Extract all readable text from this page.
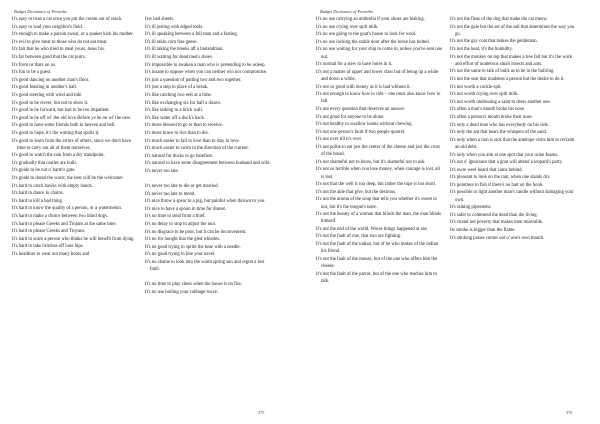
Budget Dictionary of Proverbs

It's easy to trust a cat once you put the cream out of reach.

It's easy to wad your neighbor's field.

It's enough to make a parson swear, or a quaker kick his mother.

It's evil to give meat to those who do not eat meat.

It's fair that he who tried to steal yours, loses his.

It's far between good that the cat purrs.

It's from us thats on us.

It's fun to be a guest.

It's good dancing on another man's floor.

It's good feasting in another's hall.

It's good steering with wind and tide.

It's good to be clever, but not to show it.

It's good to be forward, but bad to be too impatient.

It's good to be off wi' the old love Before ye be on wi' the new.

It's good to have some friends both in heaven and hell.

It's good to hope, it's the waiting that spoils it.

It's good to learn from the errors of others, since we don't have time to carry out all of them ourselves.

It's good to watch the rain from a dry standpoint.

It's gradually that castles are built.

It's guide to be out o' harm's gate.

It's guide to dread the worst, the best will be the welcomer.

It's hard to catch hawks with empty hands.

It's hard to dance in chains.

It's hard to kill a bad thing.

It's hard to know the quality of a person, or a watermelon.

It's hard to make a choice between two blind dogs.

It's hard to please Greeks and Trojans at the same time.

It's hard to please Greeks and Troyans.

It's hard to scare a person who thinks he will benefit from dying.

It's hard to take britches off bare hips.

It's healthier to wear out many boots and

few bed sheets.

It's ill jesting with edged tools.

It's ill speaking between a full man and a fasting.

It's ill takin corn frae geese.

It's ill taking the breeks aff a hielandman.

It's ill waiting for dead men's shoes.

It's impossible to awaken a man who is pretending to be asleep.

It's insane to oppose when you can neither win nor compromise.

It's just a question of putting two and two together.

It's just a step in place of a break.

It's like catching two eels at a time.

It's like exchanging six for half a dozen.

It's like talking to a brick wall.

It's like water off a duck's back.

It's more blessed to go to than to receive.

It's more brave to live than to die.

It's much easier to fall in love than to stay in love.

It's much easier to swim in the direction of the current.

It's natural for ducks to go barefoot.

It's natural to have some disagreement between husband and wife.

It's never too late.

It's never too late to die or get married.

It's never too late to mend.

It's nice throw a spear to a pig, but painful when thrown to you.

It's nice to have a spoon in time for dinner.

It's no time to steal from a thief.

It's no delay to stop to adjust the tool.

It's no disgrace to be poor, but it can be inconvenient.

It's no for nought that the gled whistles.

It's no good trying to sprint the bear with a needle.

It's no good trying to bite your navel.

It's no shame to look into the warm spring sun and regret a lost limb.

It's no time to play chess when the house is on fire.

It's no use boiling your cabbage twice.

375
Budget Dictionary of Proverbs

It's no use carrying an umbrella if your shoes are leaking.

It's no use crying over spilt milk.

It's no use going to the goat's house to look for wool.

It's no use locking the stable door after the horse has bolted.

It's no use waiting for your ship to come in, unless you've sent one out.

It's normal for a stew to have holes in it.

It's not a matter of upper and lower class but of being up a while and down a while.

It's not so good with money as it is bad without it.

It's not enough to know how to ride – one must also know how to fall.

It's not every question that deserves an answer.

It's not good for anyone to be alone.

It's not healthy to swallow books without chewing.

It's not one person's fault if two people quarrel.

It's not over till it's over.

It's not polite to eat just the center of the cheese and just the crust of the bread.

It's not shameful not to know, but it's shameful not to ask.

It's not so terrible when you lose money, when courage is lost, all is lost.

It's not that the well is too deep, but rather the rope is too short.

It's not the able that give, but the desirous.

It's not the aroma of the soup that tells you whether it's sweet or not, but it's the tongue's taste.

It's not the beauty of a woman that blinds the man, the man blinds himself.

It's not the end of the world. Worse things happened at sea.

It's not the fault of one, that two are fighting.

It's not the fault of the indian, but of he who makes of the indian his friend.

It's not the fault of the mouse, but of the one who offers him the cheese.

It's not the fault of the parrot, but of the one who teaches him to talk.

It's not the fleas of the dog that make the cat meow.

It's not the gale but the set of the sail that determines the way you go.

It's not the gay coat that makes the gentleman.

It's not the heat, it's the humidity.

It's not the monkey on top that makes a tree fall but it's the work and effort of numerous small insects and ants.

It's not the same to talk of bulls as to be in the bullring.

It's not the seat that maddens a person but the desire to do it.

It's not worth a cockle-spit.

It's not worth crying over spilt milk.

It's not worth undressing a saint to dress another one.

It's often a man's mouth broke his nose.

It's often a person's mouth broke their nose.

It's only a dead man who has everybody on his side.

It's only the ant that hears the whispers of the sand.

It's only when a lion is sick that the antelope visits him to reclaim an old debt.

It's only when you aim at one spot that your urine foams.

It's out o' ignorance that a goat will attend a leopard's party.

It's owre weel heard that cams behind.

It's pleasant to look on the rain, when one stands dry.

It's pointless to fish if there's no bait on the hook.

It's possible to light another man's candle without damaging your own.

It's raining pipestems.

It's safer to commend the dead than the living.

It's strand not poverty that makes men miserable.

Its smoke is bigger than the flame.

It's stinking praise comes out o' one's own mouth.

376
